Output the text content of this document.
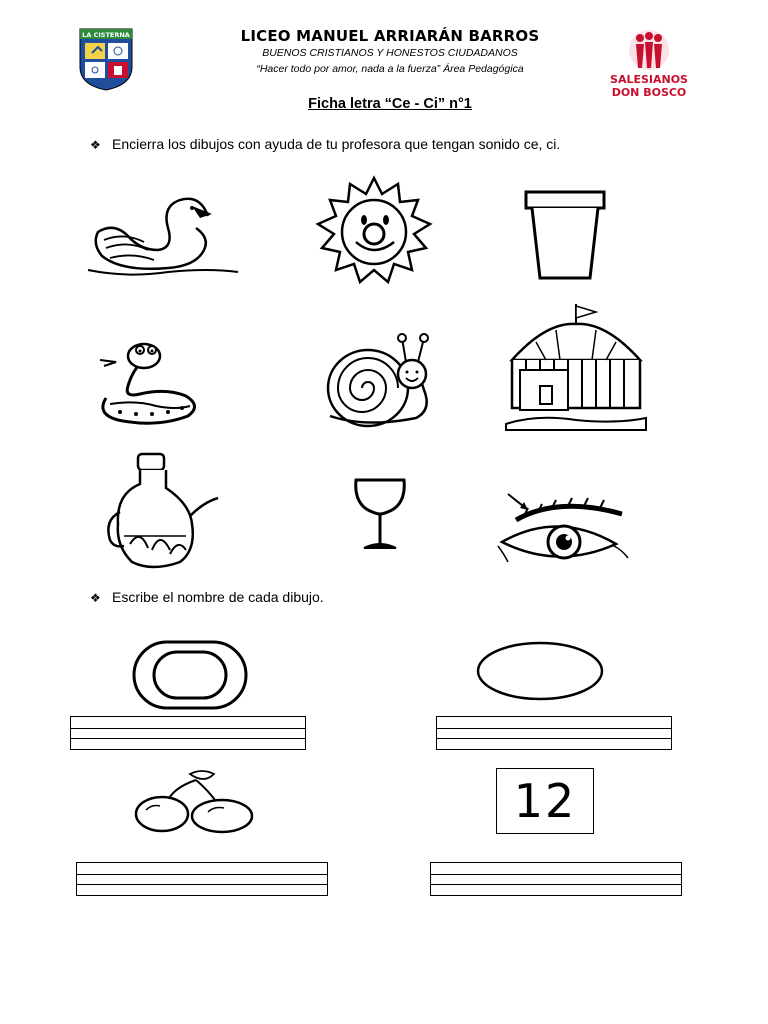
LA CISTERNA	LICEO MANUEL ARRIARÁN BARROS
BUENOS CRISTIANOS Y HONESTOS CIUDADANOS
“Hacer todo por amor, nada a la fuerza” Área Pedagógica
SALESIANOS
DON BOSCO
Ficha letra “Ce - Ci” n°1
❖ Encierra los dibujos con ayuda de tu profesora que tengan sonido ce, ci.
❖ Escribe el nombre de cada dibujo.
12
